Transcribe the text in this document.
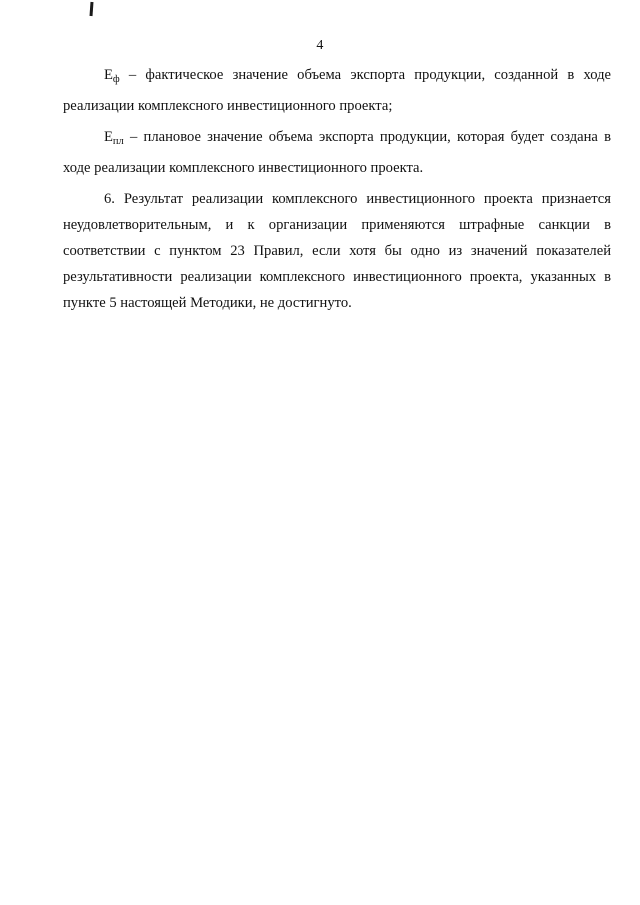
4

$Е_ф$ – фактическое значение объема экспорта продукции, созданной в ходе реализации комплексного инвестиционного проекта;

$Е_{пл}$ – плановое значение объема экспорта продукции, которая будет создана в ходе реализации комплексного инвестиционного проекта.

6. Результат реализации комплексного инвестиционного проекта признается неудовлетворительным, и к организации применяются штрафные санкции в соответствии с пунктом 23 Правил, если хотя бы одно из значений показателей результативности реализации комплексного инвестиционного проекта, указанных в пункте 5 настоящей Методики, не достигнуто.
